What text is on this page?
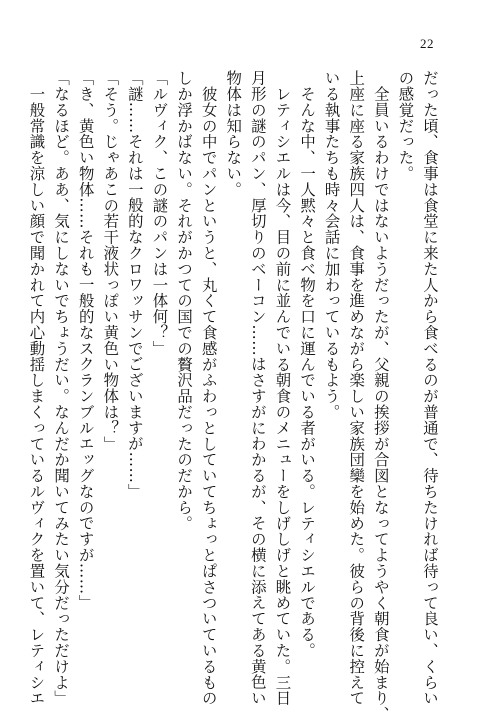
22
だった頃、食事は食堂に来た人から食べるのが普通で、待ちたければ待って良い、くらい
の感覚だった。
　全員いるわけではないようだったが、父親の挨拶が合図となってようやく朝食が始まり、
上座に座る家族四人は、食事を進めながら楽しい家族団欒を始めた。彼らの背後に控えて
いる執事たちも時々会話に加わっているもよう。
　そんな中、一人黙々と食べ物を口に運んでいる者がいる。レティシエルである。
　レティシエルは今、目の前に並んでいる朝食のメニューをしげしげと眺めていた。三日
月形の謎のパン、厚切りのベーコン……はさすがにわかるが、その横に添えてある黄色い
物体は知らない。
　彼女の中でパンというと、丸くて食感がふわっとしていてちょっとぱさついているもの
しか浮かばない。それがかつての国での贅沢品だったのだから。
「ルヴィク、この謎のパンは一体何？」
「謎……それは一般的なクロワッサンでございますが……」
「そう。じゃあこの若干液状っぽい黄色い物体は？」
「き、黄色い物体……それも一般的なスクランブルエッグなのですが……」
「なるほど。ああ、気にしないでちょうだい。なんだか聞いてみたい気分だっただけよ」
　一般常識を涼しい顔で聞かれて内心動揺しまくっているルヴィクを置いて、レティシエ
